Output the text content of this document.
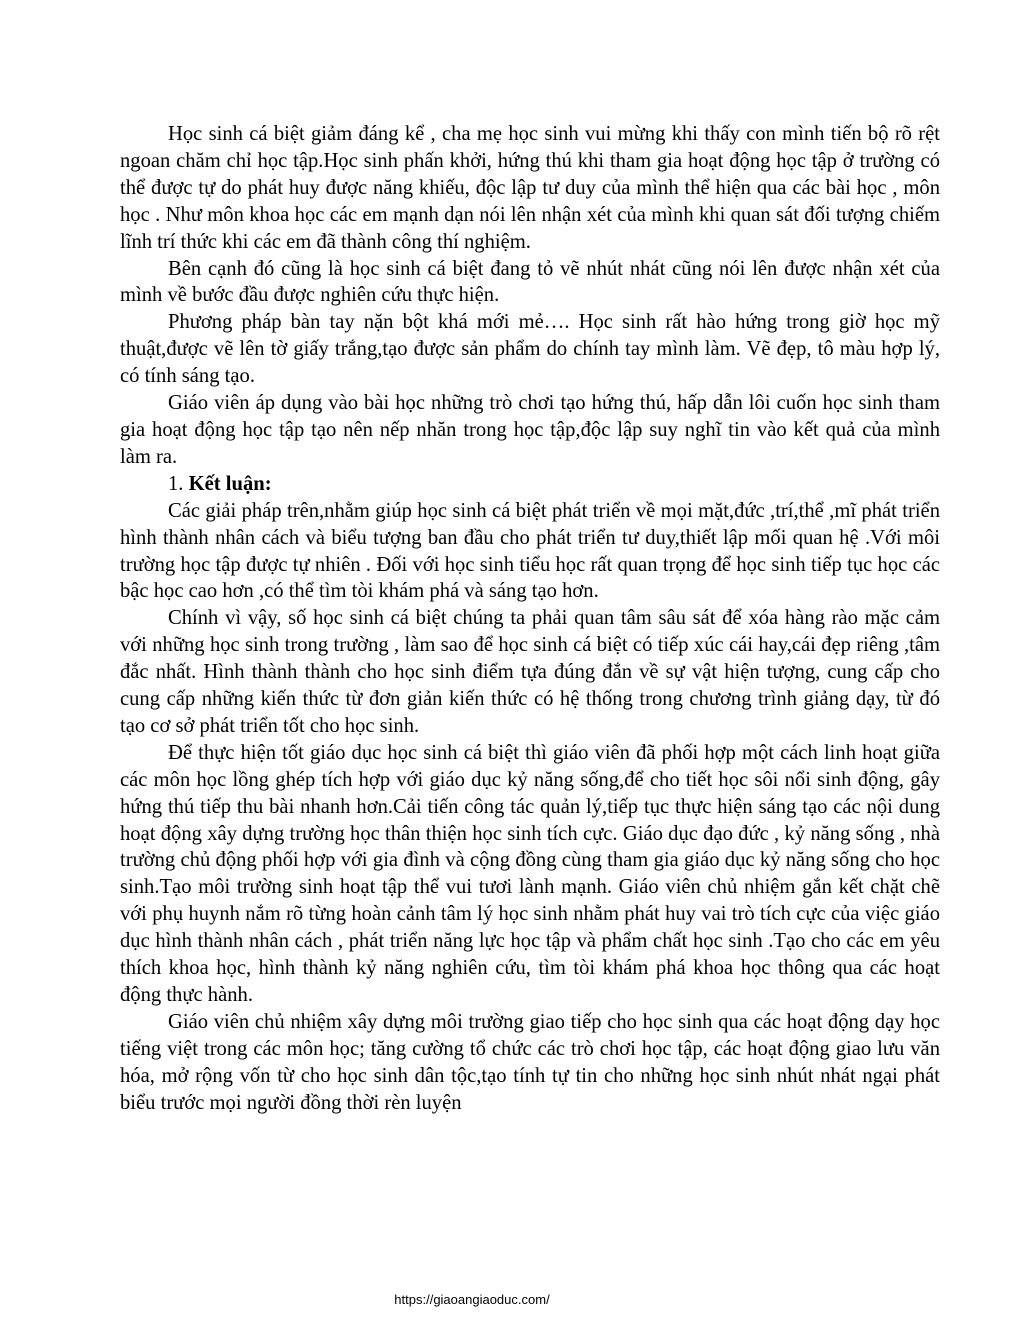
Học sinh cá biệt giảm đáng kể , cha mẹ học sinh vui mừng khi thấy con mình tiến bộ rõ rệt ngoan chăm chỉ học tập.Học sinh phấn khởi, hứng thú khi tham gia hoạt động học tập ở trường có thể được tự do phát huy được năng khiếu, độc lập tư duy của mình thể hiện qua các bài học , môn học . Như môn khoa học các em mạnh dạn nói lên nhận xét của mình khi quan sát đối tượng chiếm lĩnh trí thức khi các em đã thành công thí nghiệm.

Bên cạnh đó cũng là học sinh cá biệt đang tỏ vẽ nhút nhát cũng nói lên được nhận xét của mình về bước đầu được nghiên cứu thực hiện.

Phương pháp bàn tay nặn bột khá mới mẻ…. Học sinh rất hào hứng trong giờ học mỹ thuật,được vẽ lên tờ giấy trắng,tạo được sản phẩm do chính tay mình làm. Vẽ đẹp, tô màu hợp lý, có tính sáng tạo.

Giáo viên áp dụng vào bài học những trò chơi tạo hứng thú, hấp dẫn lôi cuốn học sinh tham gia hoạt động học tập tạo nên nếp nhăn trong học tập,độc lập suy nghĩ tin vào kết quả của mình làm ra.

1. Kết luận:

Các giải pháp trên,nhằm giúp học sinh cá biệt phát triển về mọi mặt,đức ,trí,thể ,mĩ phát triển hình thành nhân cách và biểu tượng ban đầu cho phát triển tư duy,thiết lập mối quan hệ .Với môi trường học tập được tự nhiên . Đối với học sinh tiểu học rất quan trọng để học sinh tiếp tục học các bậc học cao hơn ,có thể tìm tòi khám phá và sáng tạo hơn.

Chính vì vậy, số học sinh cá biệt chúng ta phải quan tâm sâu sát để xóa hàng rào mặc cảm với những học sinh trong trường , làm sao để học sinh cá biệt có tiếp xúc cái hay,cái đẹp riêng ,tâm đắc nhất. Hình thành thành cho học sinh điểm tựa đúng đắn về sự vật hiện tượng, cung cấp cho cung cấp những kiến thức từ đơn giản kiến thức có hệ thống trong chương trình giảng dạy, từ đó tạo cơ sở phát triển tốt cho học sinh.

Để thực hiện tốt giáo dục học sinh cá biệt thì giáo viên đã phối hợp một cách linh hoạt giữa các môn học lồng ghép tích hợp với giáo dục kỷ năng sống,để cho tiết học sôi nổi sinh động, gây hứng thú tiếp thu bài nhanh hơn.Cải tiến công tác quản lý,tiếp tục thực hiện sáng tạo các nội dung hoạt động xây dựng trường học thân thiện học sinh tích cực. Giáo dục đạo đức , kỷ năng sống , nhà trường chủ động phối hợp với gia đình và cộng đồng cùng tham gia giáo dục kỷ năng sống cho học sinh.Tạo môi trường sinh hoạt tập thể vui tươi lành mạnh. Giáo viên chủ nhiệm gắn kết chặt chẽ với phụ huynh nắm rõ từng hoàn cảnh tâm lý học sinh nhằm phát huy vai trò tích cực của việc giáo dục hình thành nhân cách , phát triển năng lực học tập và phẩm chất học sinh .Tạo cho các em yêu thích khoa học, hình thành kỷ năng nghiên cứu, tìm tòi khám phá khoa học thông qua các hoạt động thực hành.

Giáo viên chủ nhiệm xây dựng môi trường giao tiếp cho học sinh qua các hoạt động dạy học tiếng việt trong các môn học; tăng cường tổ chức các trò chơi học tập, các hoạt động giao lưu văn hóa, mở rộng vốn từ cho học sinh dân tộc,tạo tính tự tin cho những học sinh nhút nhát ngại phát biểu trước mọi người đồng thời rèn luyện

https://giaoangiaoduc.com/
